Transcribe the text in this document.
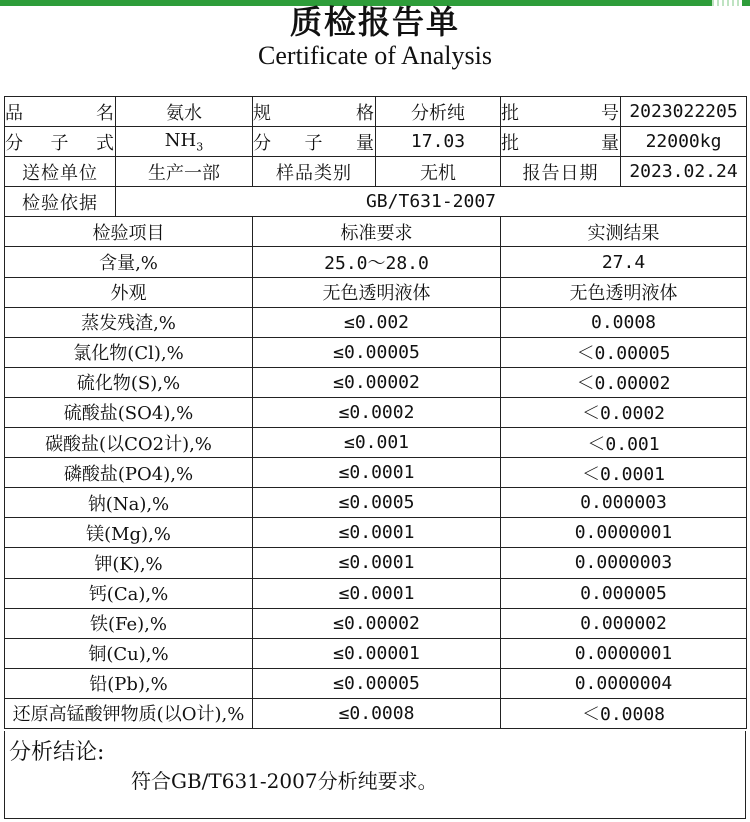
质检报告单
Certificate of Analysis
品 名	氨水	规 格	分析纯	批 号	2023022205
分 子 式	$NH_3$	分 子 量	17.03	批 量	22000kg
送检单位	生产一部	样品类别	无机	报告日期	2023.02.24
检验依据	GB/T631-2007				
检验项目		标准要求		实测结果	
含量,%		25.0～28.0		27.4	
外观		无色透明液体		无色透明液体	
蒸发残渣,%		≤0.002		0.0008	
氯化物(Cl),%		≤0.00005		＜0.00005	
硫化物(S),%		≤0.00002		＜0.00002	
硫酸盐(SO4),%		≤0.0002		＜0.0002	
碳酸盐(以CO2计),%		≤0.001		＜0.001	
磷酸盐(PO4),%		≤0.0001		＜0.0001	
钠(Na),%		≤0.0005		0.000003	
镁(Mg),%		≤0.0001		0.0000001	
钾(K),%		≤0.0001		0.0000003	
钙(Ca),%		≤0.0001		0.000005	
铁(Fe),%		≤0.00002		0.000002	
铜(Cu),%		≤0.00001		0.0000001	
铅(Pb),%		≤0.00005		0.0000004	
还原高锰酸钾物质(以O计),%		≤0.0008		＜0.0008	
分析结论:
符合GB/T631-2007分析纯要求。
